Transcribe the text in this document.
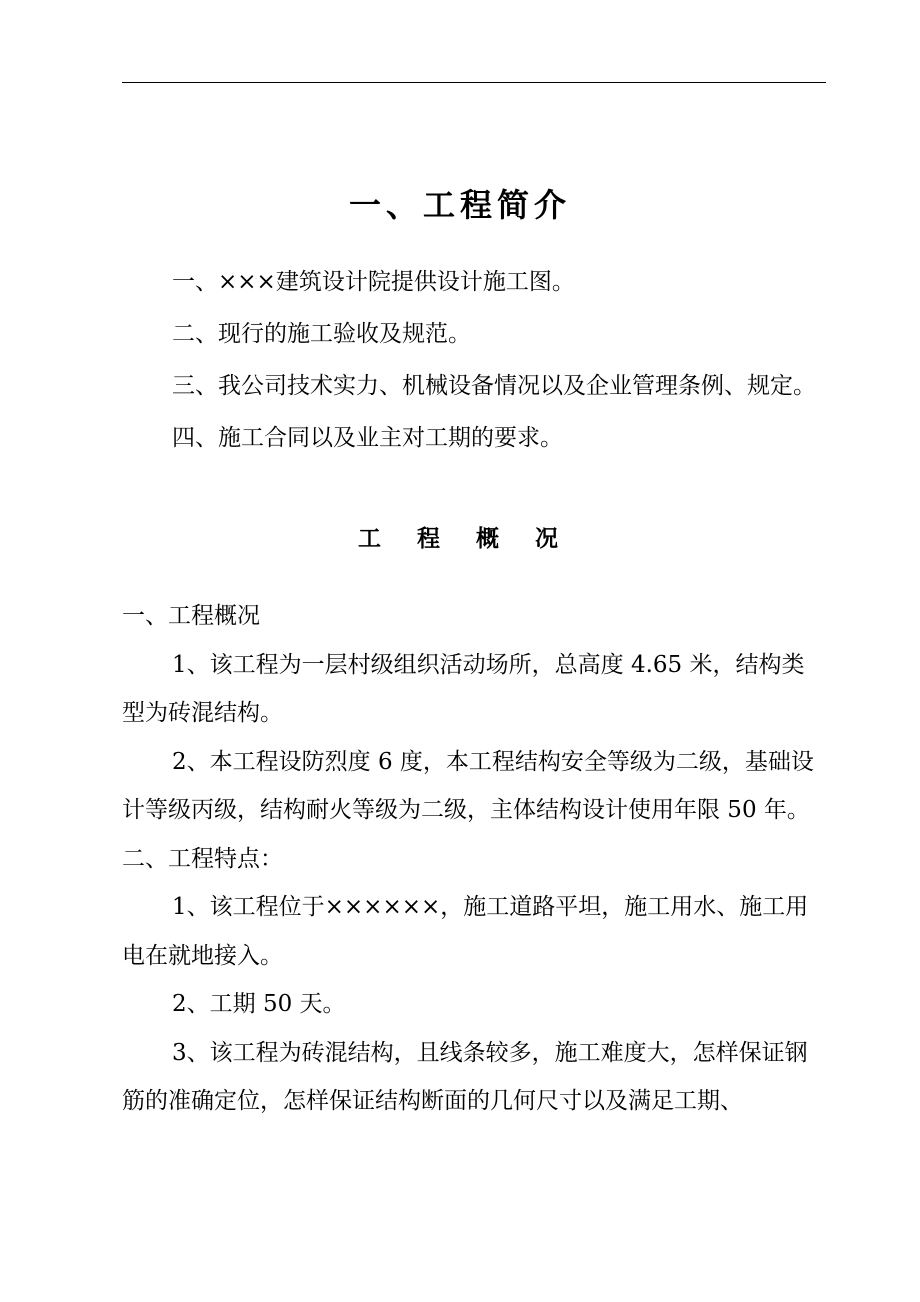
一、工程简介

一、×××建筑设计院提供设计施工图。

二、现行的施工验收及规范。

三、我公司技术实力、机械设备情况以及企业管理条例、规定。

四、施工合同以及业主对工期的要求。

工 程 概 况

一、工程概况

1、该工程为一层村级组织活动场所，总高度 4.65 米，结构类型为砖混结构。

2、本工程设防烈度 6 度，本工程结构安全等级为二级，基础设计等级丙级，结构耐火等级为二级，主体结构设计使用年限 50 年。

二、工程特点：

1、该工程位于××××××，施工道路平坦，施工用水、施工用电在就地接入。

2、工期 50 天。

3、该工程为砖混结构，且线条较多，施工难度大，怎样保证钢筋的准确定位，怎样保证结构断面的几何尺寸以及满足工期、
